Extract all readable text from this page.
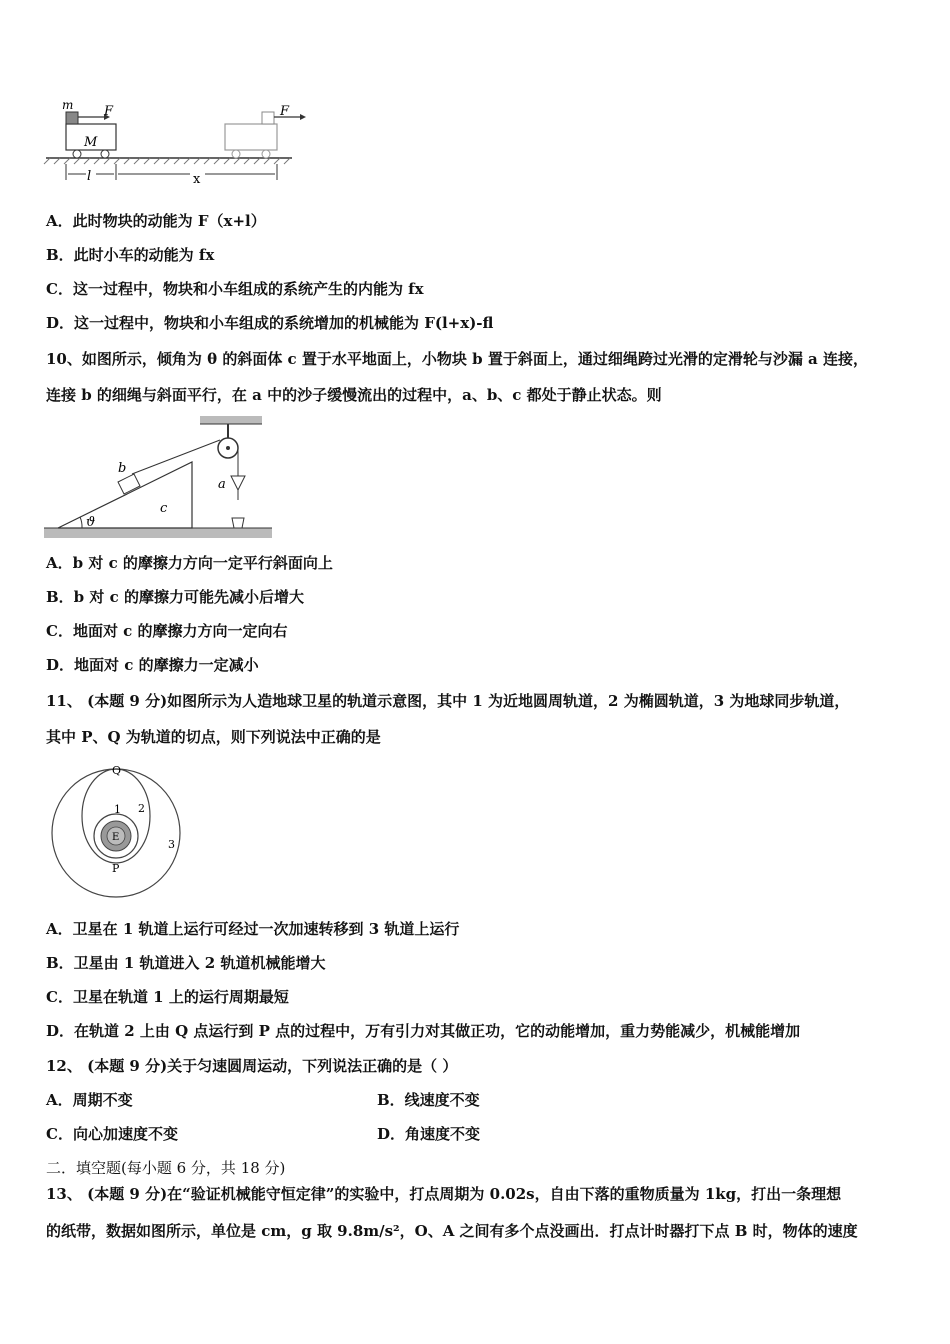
m F
M
F
l	x
A．此时物块的动能为 F（x+l）
B．此时小车的动能为 fx
C．这一过程中，物块和小车组成的系统产生的内能为 fx
D．这一过程中，物块和小车组成的系统增加的机械能为 F(l+x)-fl
10、如图所示，倾角为 θ 的斜面体 c 置于水平地面上，小物块 b 置于斜面上，通过细绳跨过光滑的定滑轮与沙漏 a 连接，
连接 b 的细绳与斜面平行，在 a 中的沙子缓慢流出的过程中，a、b、c 都处于静止状态。则
b
c
a
ϑ
A．b 对 c 的摩擦力方向一定平行斜面向上
B．b 对 c 的摩擦力可能先减小后增大
C．地面对 c 的摩擦力方向一定向右
D．地面对 c 的摩擦力一定减小
11、 (本题 9 分)如图所示为人造地球卫星的轨道示意图，其中 1 为近地圆周轨道，2 为椭圆轨道，3 为地球同步轨道，
其中 P、Q 为轨道的切点，则下列说法中正确的是
Q
1 2
E
3
P
A．卫星在 1 轨道上运行可经过一次加速转移到 3 轨道上运行
B．卫星由 1 轨道进入 2 轨道机械能增大
C．卫星在轨道 1 上的运行周期最短
D．在轨道 2 上由 Q 点运行到 P 点的过程中，万有引力对其做正功，它的动能增加，重力势能减少，机械能增加
12、 (本题 9 分)关于匀速圆周运动，下列说法正确的是（ ）
A．周期不变	B．线速度不变
C．向心加速度不变	D．角速度不变
二．填空题(每小题 6 分，共 18 分)
13、 (本题 9 分)在“验证机械能守恒定律”的实验中，打点周期为 0.02s，自由下落的重物质量为 1kg，打出一条理想
的纸带，数据如图所示，单位是 cm，g 取 9.8m/s²，O、A 之间有多个点没画出．打点计时器打下点 B 时，物体的速度
